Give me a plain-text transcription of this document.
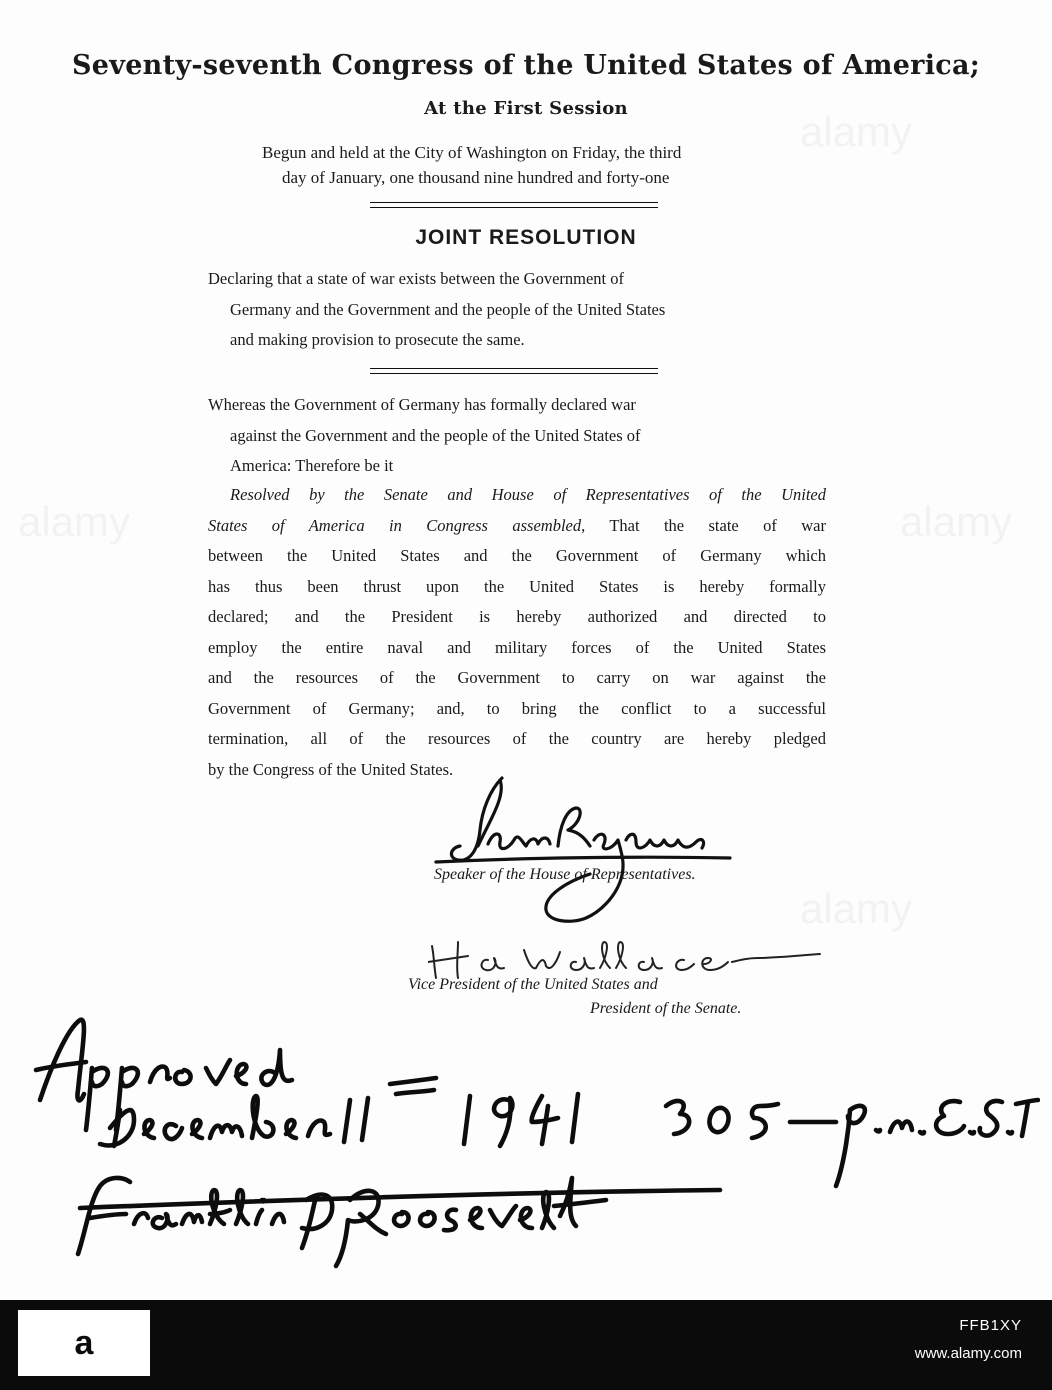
Seventy-seventh Congress of the United States of America;
At the First Session
Begun and held at the City of Washington on Friday, the third
day of January, one thousand nine hundred and forty-one
JOINT RESOLUTION
Declaring that a state of war exists between the Government of
Germany and the Government and the people of the United States
and making provision to prosecute the same.
Whereas the Government of Germany has formally declared war
against the Government and the people of the United States of
America: Therefore be it
Resolved by the Senate and House of Representatives of the United
States of America in Congress assembled, That the state of war
between the United States and the Government of Germany which
has thus been thrust upon the United States is hereby formally
declared; and the President is hereby authorized and directed to
employ the entire naval and military forces of the United States
and the resources of the Government to carry on war against the
Government of Germany; and, to bring the conflict to a successful
termination, all of the resources of the country are hereby pledged
by the Congress of the United States.
Speaker of the House of Representatives.
Vice President of the United States and
President of the Senate.
a	FFB1XY
www.alamy.com
